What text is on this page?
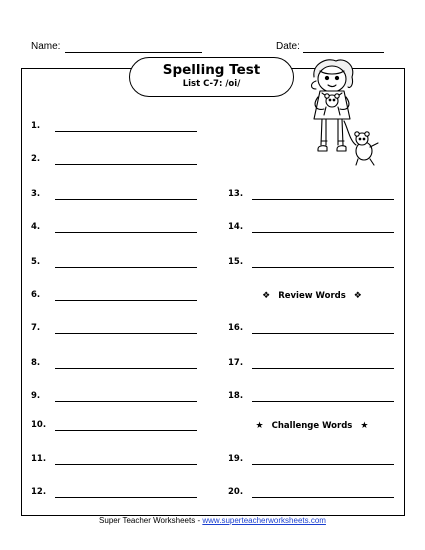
Name:	Date:
Spelling Test
List C-7: /oi/
1.
2.
3.
4.
5.
6.
7.
8.
9.
10.
11.
12.
13.
14.
15.
❖ Review Words ❖
16.
17.
18.
★ Challenge Words ★
19.
20.
Super Teacher Worksheets - www.superteacherworksheets.com
